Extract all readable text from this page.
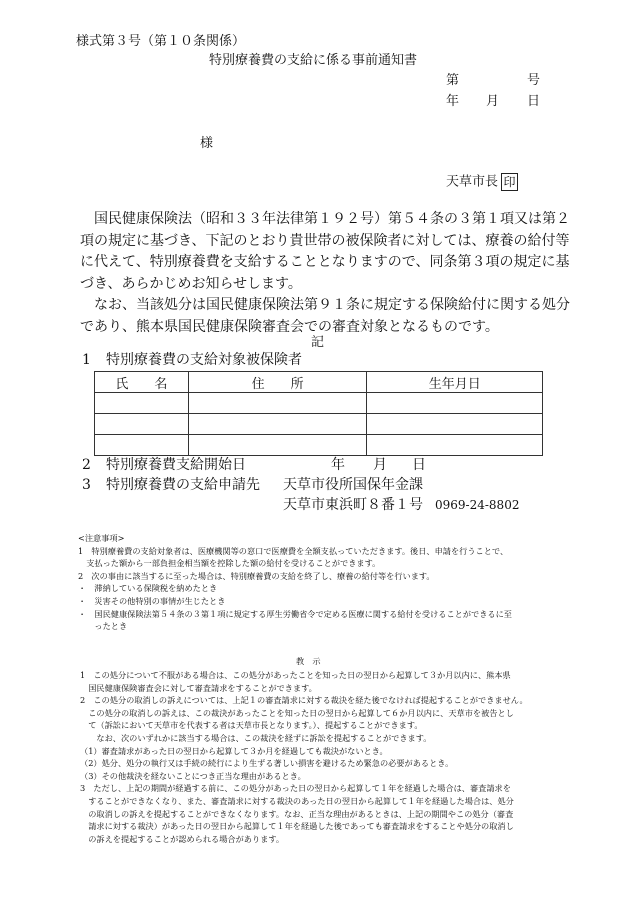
様式第３号（第１０条関係）
特別療養費の支給に係る事前通知書
第	号
年 月 日
様
天草市長 印

国民健康保険法（昭和３３年法律第１９２号）第５４条の３第１項又は第２

項の規定に基づき、下記のとおり貴世帯の被保険者に対しては、療養の給付等

に代えて、特別療養費を支給することとなりますので、同条第３項の規定に基

づき、あらかじめお知らせします。

なお、当該処分は国民健康保険法第９１条に規定する保険給付に関する処分

であり、熊本県国民健康保険審査会での審査対象となるものです。

記
1 特別療養費の支給対象被保険者
氏　　名	住　　所	生年月日

2 特別療養費支給開始日	年 月 日
3 特別療養費の支給申請先 天草市役所国保年金課
天草市東浜町８番１号 0969-24-8802

<注意事項>

1　特別療養費の支給対象者は、医療機関等の窓口で医療費を全額支払っていただきます。後日、申請を行うことで、

　支払った額から一部負担金相当額を控除した額の給付を受けることができます。

2　次の事由に該当するに至った場合は、特別療養費の支給を終了し、療養の給付等を行います。

・　滞納している保険税を納めたとき

・　災害その他特別の事情が生じたとき

・　国民健康保険法第５４条の３第１項に規定する厚生労働省令で定める医療に関する給付を受けることができるに至

　　ったとき

教　示

1　この処分について不服がある場合は、この処分があったことを知った日の翌日から起算して３か月以内に、熊本県

　国民健康保険審査会に対して審査請求をすることができます。

2　この処分の取消しの訴えについては、上記１の審査請求に対する裁決を経た後でなければ提起することができません。

　この処分の取消しの訴えは、この裁決があったことを知った日の翌日から起算して６か月以内に、天草市を被告とし

　て（訴訟において天草市を代表する者は天草市長となります。）、提起することができます。

　　なお、次のいずれかに該当する場合は、この裁決を経ずに訴訟を提起することができます。

（1）審査請求があった日の翌日から起算して３か月を経過しても裁決がないとき。

（2）処分、処分の執行又は手続の続行により生ずる著しい損害を避けるため緊急の必要があるとき。

（3）その他裁決を経ないことにつき正当な理由があるとき。

3　ただし、上記の期間が経過する前に、この処分があった日の翌日から起算して１年を経過した場合は、審査請求を

　することができなくなり、また、審査請求に対する裁決のあった日の翌日から起算して１年を経過した場合は、処分

　の取消しの訴えを提起することができなくなります。なお、正当な理由があるときは、上記の期間やこの処分（審査

　請求に対する裁決）があった日の翌日から起算して１年を経過した後であっても審査請求をすることや処分の取消し

　の訴えを提起することが認められる場合があります。
